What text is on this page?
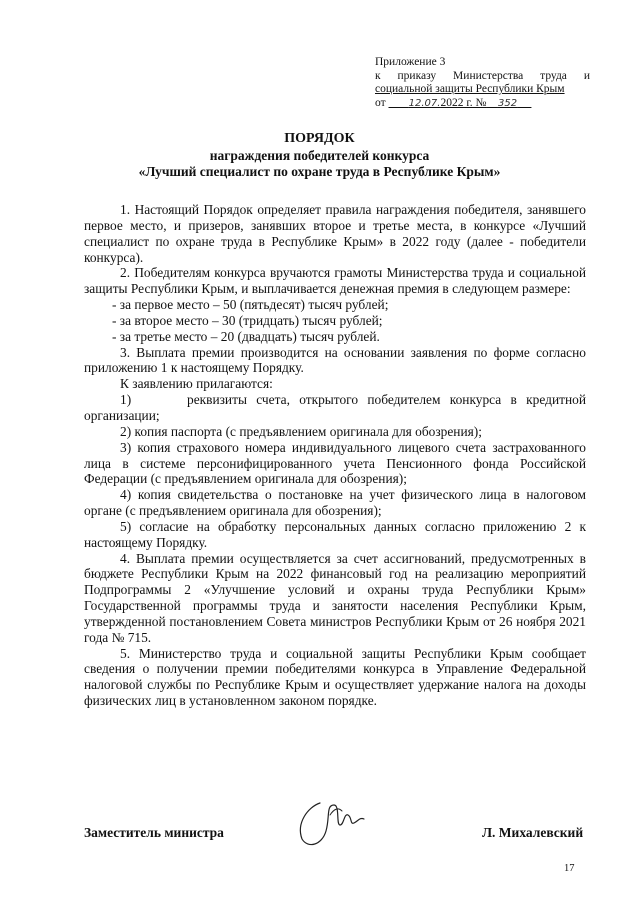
Приложение 3
к приказу Министерства труда и
социальной защиты Республики Крым
от 12.07.2022 г. № 352
ПОРЯДОК
награждения победителей конкурса
«Лучший специалист по охране труда в Республике Крым»

1. Настоящий Порядок определяет правила награждения победителя, занявшего первое место, и призеров, занявших второе и третье места, в конкурсе «Лучший специалист по охране труда в Республике Крым» в 2022 году (далее - победители конкурса).

2. Победителям конкурса вручаются грамоты Министерства труда и социальной защиты Республики Крым, и выплачивается денежная премия в следующем размере:

- за первое место – 50 (пятьдесят) тысяч рублей;

- за второе место – 30 (тридцать) тысяч рублей;

- за третье место – 20 (двадцать) тысяч рублей.

3. Выплата премии производится на основании заявления по форме согласно приложению 1 к настоящему Порядку.

К заявлению прилагаются:

1)      реквизиты счета, открытого победителем конкурса в кредитной организации;

2) копия паспорта (с предъявлением оригинала для обозрения);

3) копия страхового номера индивидуального лицевого счета застрахованного лица в системе персонифицированного учета Пенсионного фонда Российской Федерации (с предъявлением оригинала для обозрения);

4) копия свидетельства о постановке на учет физического лица в налоговом органе (с предъявлением оригинала для обозрения);

5) согласие на обработку персональных данных согласно приложению 2 к настоящему Порядку.

4. Выплата премии осуществляется за счет ассигнований, предусмотренных в бюджете Республики Крым на 2022 финансовый год на реализацию мероприятий Подпрограммы 2 «Улучшение условий и охраны труда Республики Крым» Государственной программы труда и занятости населения Республики Крым, утвержденной постановлением Совета министров Республики Крым от 26 ноября 2021 года № 715.

5. Министерство труда и социальной защиты Республики Крым сообщает сведения о получении премии победителями конкурса в Управление Федеральной налоговой службы по Республике Крым и осуществляет удержание налога на доходы физических лиц в установленном законом порядке.

Заместитель министра	Л. Михалевский
17
